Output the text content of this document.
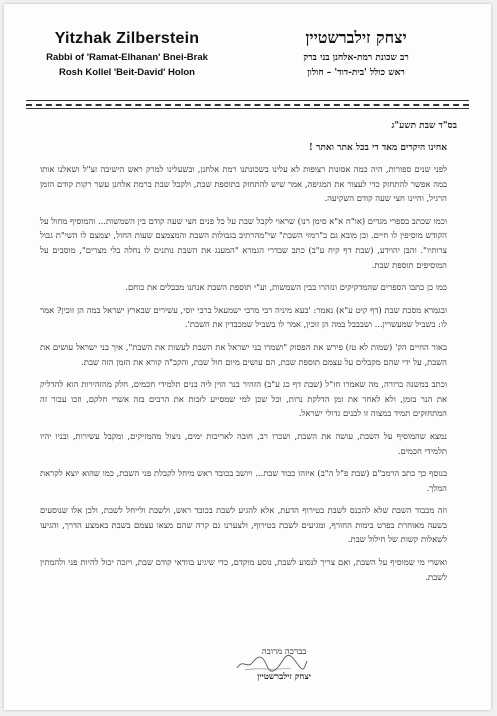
Yitzhak Zilberstein
Rabbi of 'Ramat-Elhanan' Bnei-Brak
Rosh Kollel 'Beit-David' Holon
יצחק זילברשטיין
רב שכונת רמת-אלחנן בני ברק
ראש כולל 'בית-דוד' – חולון
בס"ד שבת תשע"ג
אחינו היקרים מאד די בכל אתר ואתר !

לפני שנים ספורות, היה כמה אסונות רצופות לא עלינו בשכונתנו רמת אלחנן, ובשעלינו למרק ראש הישיבה זצ"ל ושאלנו אותו במה אפשר להתחזק כדי לעצור את המגיפה, אמר שיש להתחזק בתוספת שבת, ולקבל שבת ברמת אלחנן עשר רקות קודם הזמן הרגיל, והיינו חצי שעה קודם השקיעה.

וכמו שכתב בספרי מגדים (או"ח א"א סימן רנו) שראוי לקבל שבת על כל פנים חצי שעה קודם בין השמשות... והמוסיף מחול על הקודש מוסיפין לו חיים. ובן מובא גם ב"רמזי השבת" שי"מהרתיב בגבולות השבת והמצמצם שעות החול, יצמצם לו השי"ת גבול צרותיו". והבן יהוידע, (שבת דף קיח ע"ב) כתב שבדרי הגמרא "המענג את השבת נותנים לו נחלה בלי מצרים", מוסבים על המוסיפים תוספת שבת.

כמו כן כתבו הספרים שהמדקיקים ונזהרו בבין השמשות, וע"י תוספת השבת אנחנו מכבלים את כוחם.

ובגמרא מסכת שבת (דף קיט ע"א) נאמר: 'בעא מיניה רבי מרבי ישמעאל ברבי יוסי, עשירים שבארץ ישראל במה הן זוכין? אמר לו: בשביל שמעשרין... ושבבבל במה הן זוכין, אמר לו בשביל שמכבדין את השבת'.

באור החיים הק' (שמות לא טז) פירש את הפסוק "ושמרו בני ישראל את השבת לעשות את השבת", איך בני ישראל עושים את השבת, על ידי שהם מקבלים על עצמם תוספת שבת, הם עושים מיום חול שבת, והקב"ה קורא את הזמן הזה שבת.

וכתב במשנה ברורה, מה שאמרו חז"ל (שבת דף כג ע"ב) הזהיר בנר הוין ליה בנים תלמידי חכמים, חלק מהזהירות הוא להדליק את הנר בזמן, ולא לאחר את זמן הדלקת נרות, וכל שכן למי שמסייע לזכות את הרבים בזה אשרי חלקם, וזכו עבור זה המתחזקים תמיד במצוה זו לבנים גדולי ישראל.

נמצא שהמוסיף על השבת, עושה את השבת, ושכרו רב, חובה לאריכות ימים, ניצול מהמזיקים, ומקבל עשירות, ובניו יהיו תלמידי חכמים.

בנוסף כך כתב הרמב"ם (שבת פ"ל ה"ב) איזהו כבוד שבת... ויושב בכובד ראש מיחל לקבלת פני השבת, כמו שהוא יוצא לקראת המלך.

וזה מכבוד השבת שלא להכנס לשבת בטירוף הדעת, אלא להגיע לשבת בכובד ראש, ולשבת ולייחל לשבת, ולכן אלו שנוסעים בשעה מאוחרת בפרט בימות החורף, ומגיעים לשבת בטירוף, ולצערנו גם קרה שהם מצאו עצמם בשבת באמצע הדרך, והגיעו לשאלות קשות של חילול שבת.

ואשרי מי שמוסיף על השבת, ואם צריך לנסוע לשבת, נוסע מוקדם, כדי שיגיע בוודאי קודם שבת, ויזכה יכול להיות פני ולהמתין לשבת.

בברכה מרובה
יצחק זילברשטיין
